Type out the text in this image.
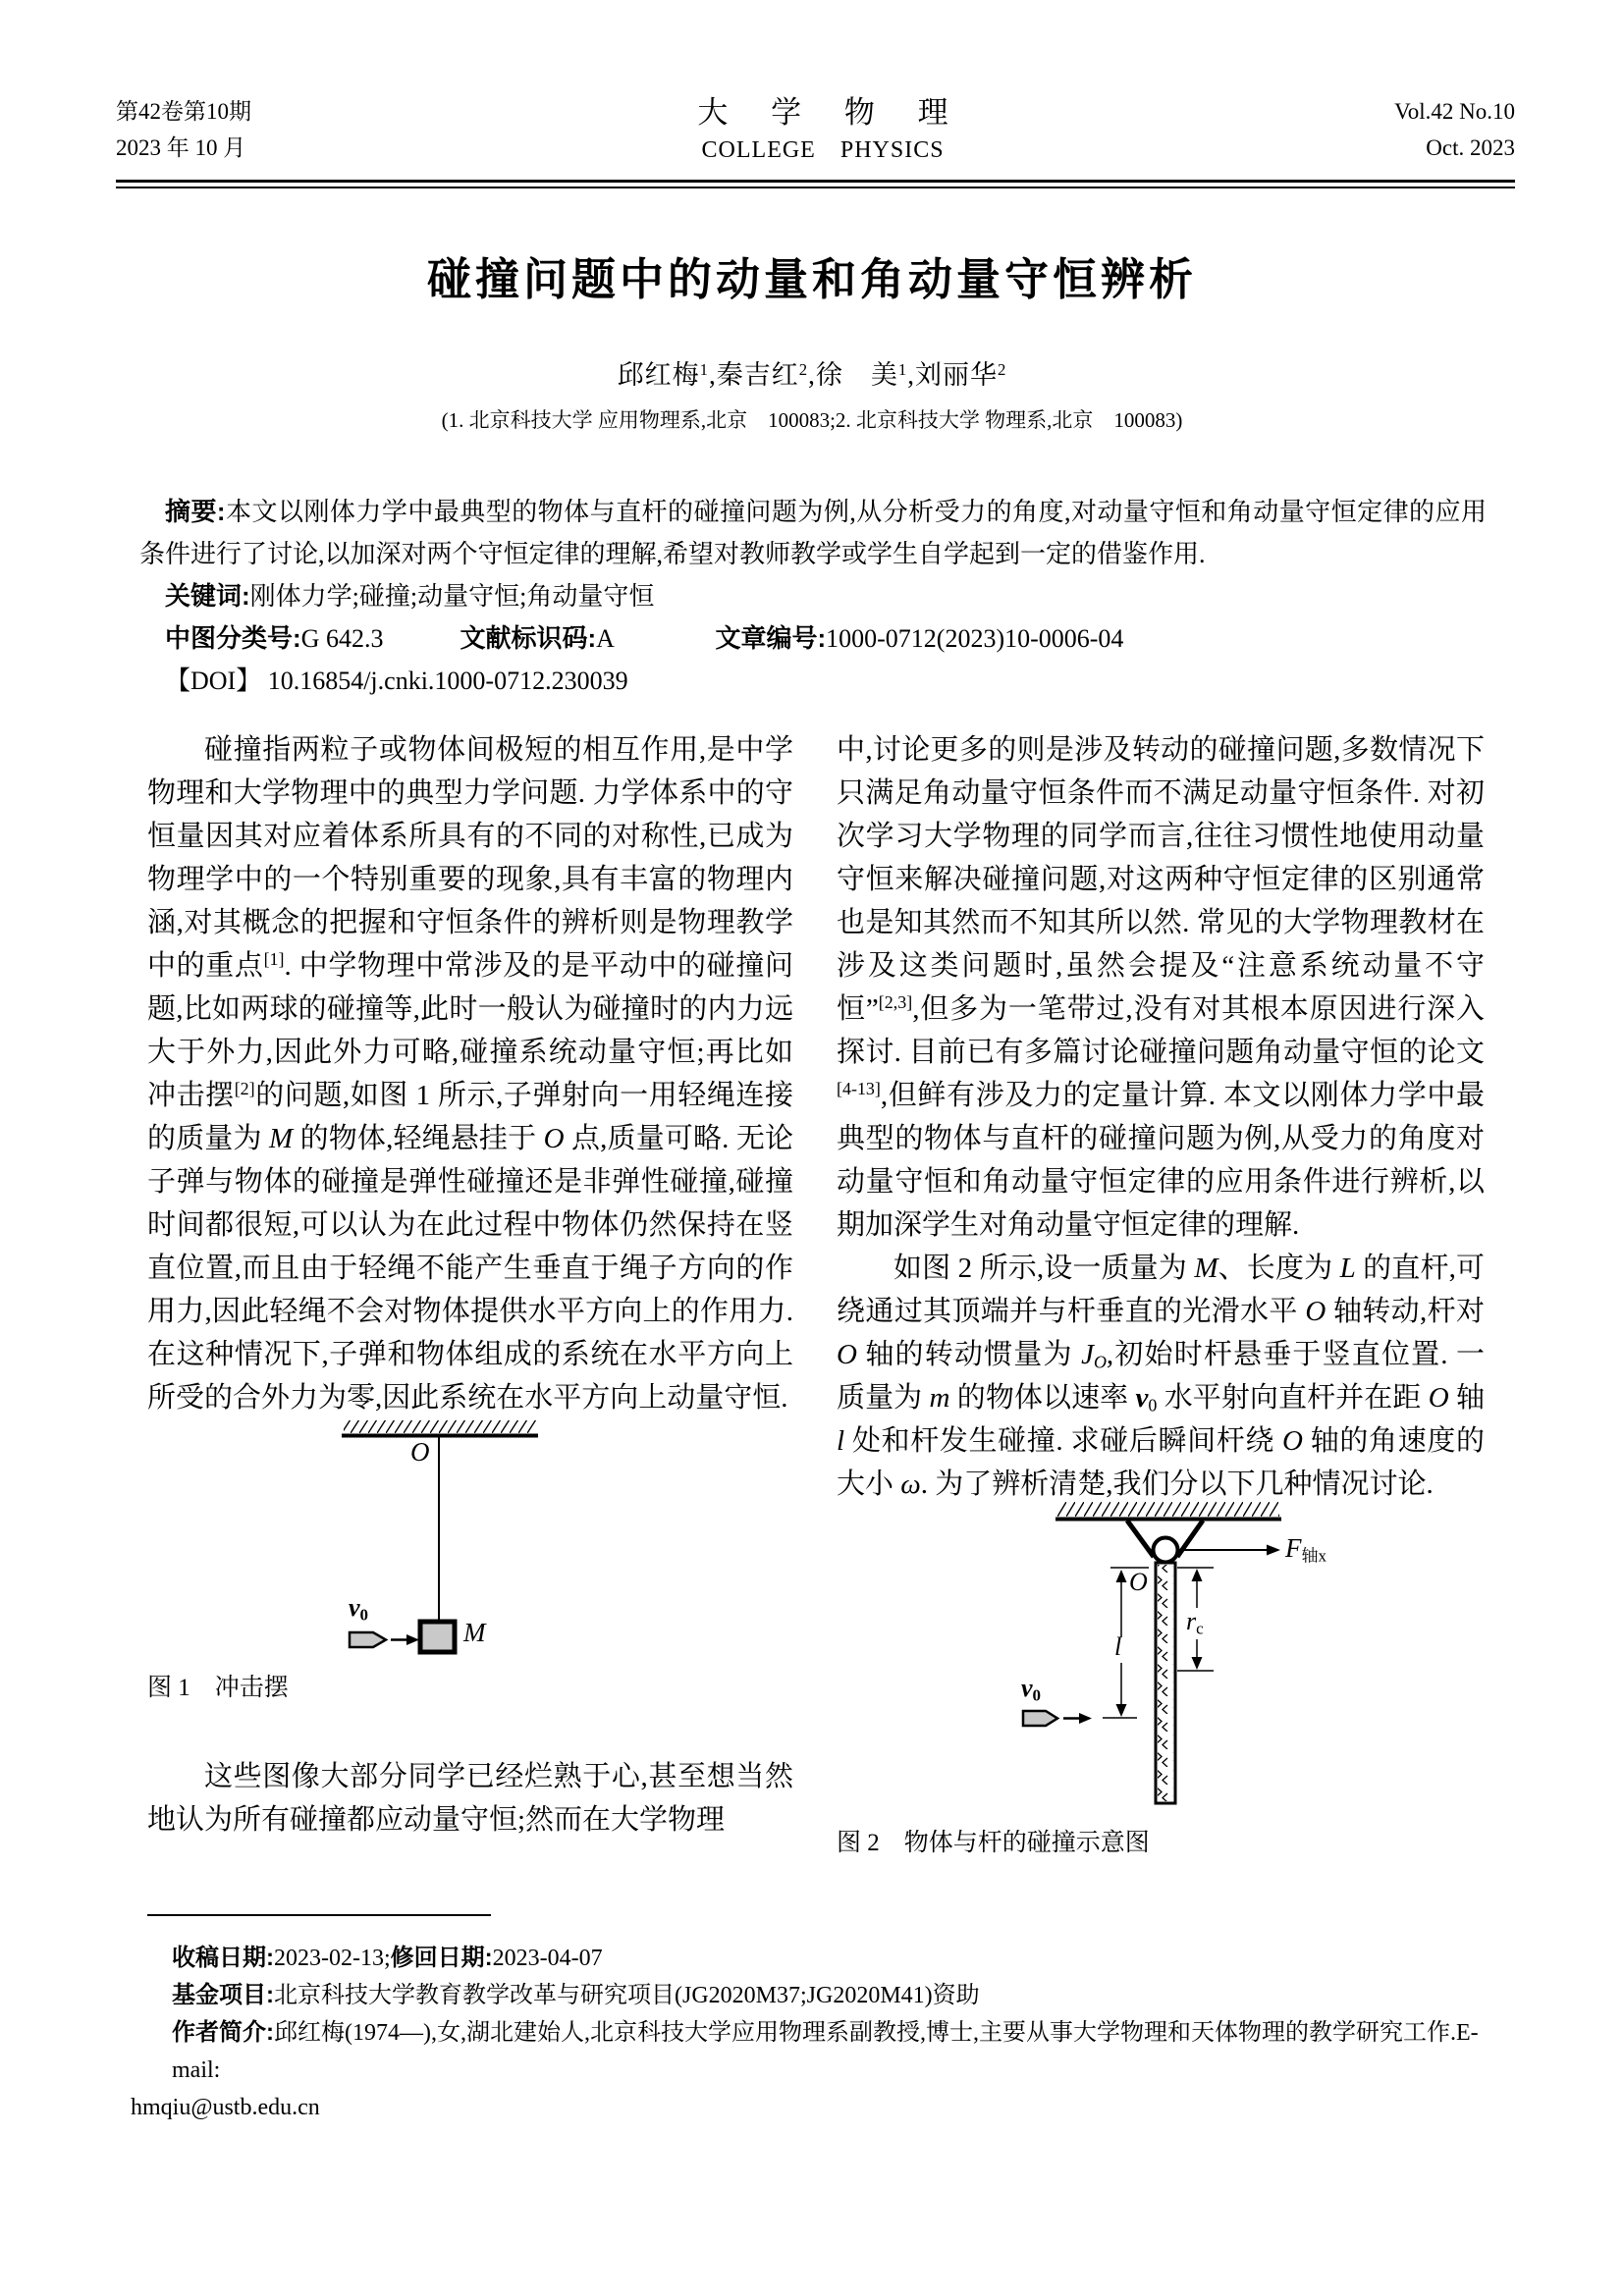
第42卷第10期
2023 年 10 月
大 学 物 理
COLLEGE　PHYSICS
Vol.42 No.10
Oct. 2023
碰撞问题中的动量和角动量守恒辨析
邱红梅$^1$,秦吉红$^2$,徐　美$^1$,刘丽华$^2$
(1. 北京科技大学 应用物理系,北京　100083;2. 北京科技大学 物理系,北京　100083)

摘要:本文以刚体力学中最典型的物体与直杆的碰撞问题为例,从分析受力的角度,对动量守恒和角动量守恒定律的应用条件进行了讨论,以加深对两个守恒定律的理解,希望对教师教学或学生自学起到一定的借鉴作用.

关键词:刚体力学;碰撞;动量守恒;角动量守恒

中图分类号:G 642.3　　　文献标识码:A　　　　文章编号:1000-0712(2023)10-0006-04

【DOI】 10.16854/j.cnki.1000-0712.230039

碰撞指两粒子或物体间极短的相互作用,是中学物理和大学物理中的典型力学问题. 力学体系中的守恒量因其对应着体系所具有的不同的对称性,已成为物理学中的一个特别重要的现象,具有丰富的物理内涵,对其概念的把握和守恒条件的辨析则是物理教学中的重点[1]. 中学物理中常涉及的是平动中的碰撞问题,比如两球的碰撞等,此时一般认为碰撞时的内力远大于外力,因此外力可略,碰撞系统动量守恒;再比如冲击摆[2]的问题,如图 1 所示,子弹射向一用轻绳连接的质量为 M 的物体,轻绳悬挂于 O 点,质量可略. 无论子弹与物体的碰撞是弹性碰撞还是非弹性碰撞,碰撞时间都很短,可以认为在此过程中物体仍然保持在竖直位置,而且由于轻绳不能产生垂直于绳子方向的作用力,因此轻绳不会对物体提供水平方向上的作用力. 在这种情况下,子弹和物体组成的系统在水平方向上所受的合外力为零,因此系统在水平方向上动量守恒.

O
$v_0$
M

图 1　冲击摆

这些图像大部分同学已经烂熟于心,甚至想当然地认为所有碰撞都应动量守恒;然而在大学物理

中,讨论更多的则是涉及转动的碰撞问题,多数情况下只满足角动量守恒条件而不满足动量守恒条件. 对初次学习大学物理的同学而言,往往习惯性地使用动量守恒来解决碰撞问题,对这两种守恒定律的区别通常也是知其然而不知其所以然. 常见的大学物理教材在涉及这类问题时,虽然会提及“注意系统动量不守恒”[2,3],但多为一笔带过,没有对其根本原因进行深入探讨. 目前已有多篇讨论碰撞问题角动量守恒的论文[4-13],但鲜有涉及力的定量计算. 本文以刚体力学中最典型的物体与直杆的碰撞问题为例,从受力的角度对动量守恒和角动量守恒定律的应用条件进行辨析,以期加深学生对角动量守恒定律的理解.

如图 2 所示,设一质量为 M、长度为 L 的直杆,可绕通过其顶端并与杆垂直的光滑水平 O 轴转动,杆对 O 轴的转动惯量为 $J_O$,初始时杆悬垂于竖直位置. 一质量为 m 的物体以速率 $v_0$ 水平射向直杆并在距 O 轴 l 处和杆发生碰撞. 求碰后瞬间杆绕 O 轴的角速度的大小 ω. 为了辨析清楚,我们分以下几种情况讨论.

O
$F_{轴x}$
$r_c$
l
$v_0$

图 2　物体与杆的碰撞示意图

收稿日期:2023-02-13;修回日期:2023-04-07
基金项目:北京科技大学教育教学改革与研究项目(JG2020M37;JG2020M41)资助
作者简介:邱红梅(1974—),女,湖北建始人,北京科技大学应用物理系副教授,博士,主要从事大学物理和天体物理的教学研究工作.E-mail:
hmqiu@ustb.edu.cn
